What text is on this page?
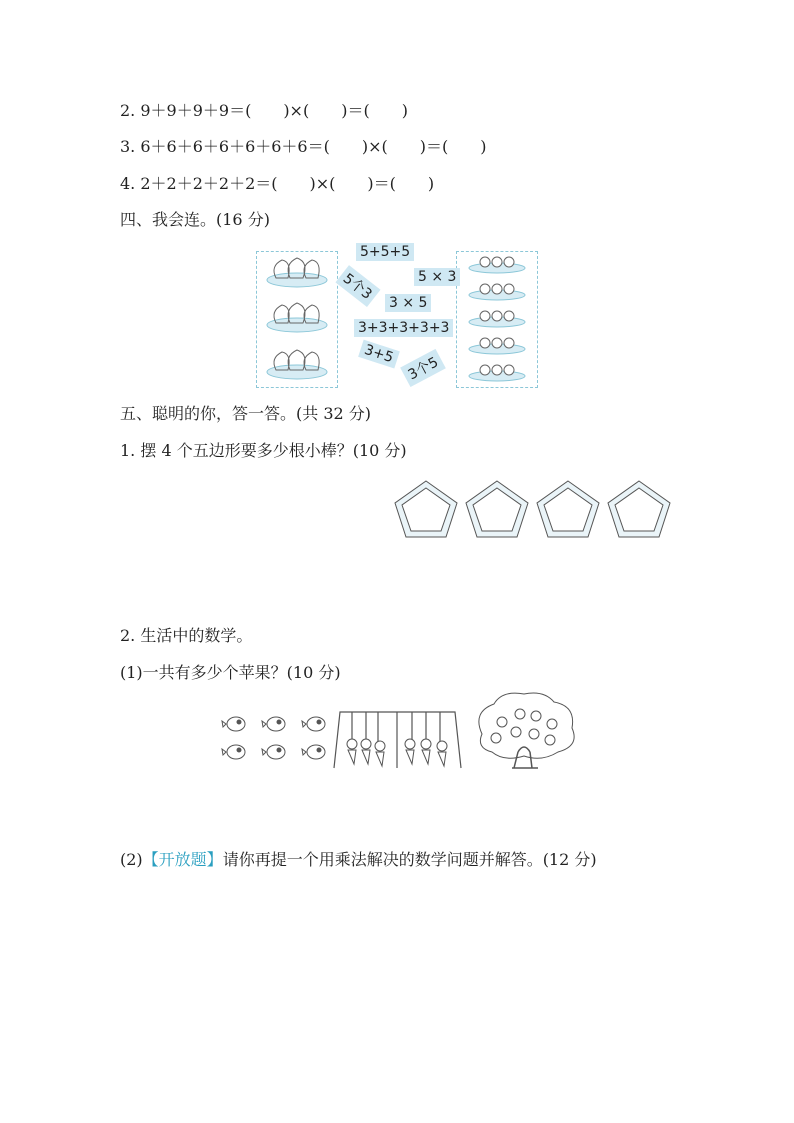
2. 9＋9＋9＋9＝(　　)×(　　)＝(　　)
3. 6＋6＋6＋6＋6＋6＋6＝(　　)×(　　)＝(　　)
4. 2＋2＋2＋2＋2＝(　　)×(　　)＝(　　)
四、我会连。(16 分)
5+5+5
5个3	5 × 3
3 × 5
3+3+3+3+3
3+5
3个5
五、聪明的你，答一答。(共 32 分)
1. 摆 4 个五边形要多少根小棒？(10 分)
2. 生活中的数学。
(1)一共有多少个苹果？(10 分)
(2)【开放题】请你再提一个用乘法解决的数学问题并解答。(12 分)
